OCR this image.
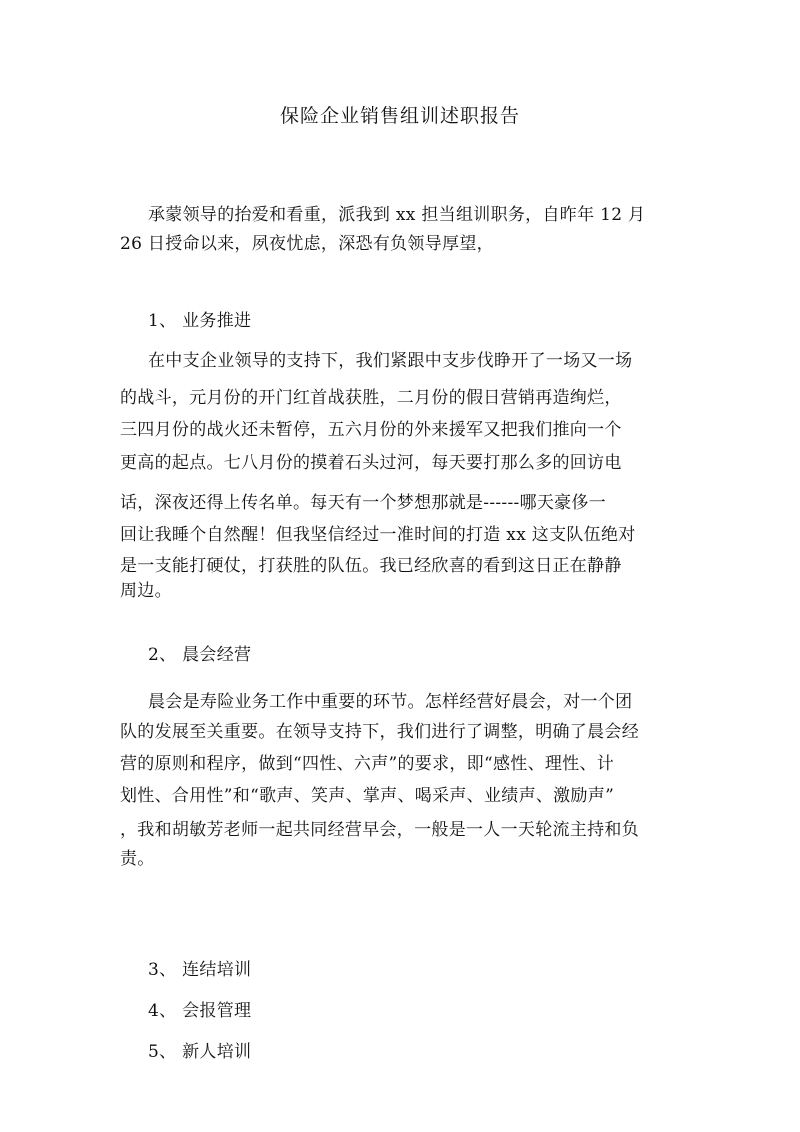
保险企业销售组训述职报告
承蒙领导的抬爱和看重，派我到 xx 担当组训职务，自昨年 12 月
26 日授命以来，夙夜忧虑，深恐有负领导厚望，
1、 业务推进
在中支企业领导的支持下，我们紧跟中支步伐睁开了一场又一场
的战斗，元月份的开门红首战获胜，二月份的假日营销再造绚烂，
三四月份的战火还未暂停，五六月份的外来援军又把我们推向一个
更高的起点。七八月份的摸着石头过河，每天要打那么多的回访电
话，深夜还得上传名单。每天有一个梦想那就是------哪天豪侈一
回让我睡个自然醒！但我坚信经过一准时间的打造 xx 这支队伍绝对
是一支能打硬仗，打获胜的队伍。我已经欣喜的看到这日正在静静
周边。
2、 晨会经营
晨会是寿险业务工作中重要的环节。怎样经营好晨会，对一个团
队的发展至关重要。在领导支持下，我们进行了调整，明确了晨会经
营的原则和程序，做到“四性、六声”的要求，即“感性、理性、计
划性、合用性”和“歌声、笑声、掌声、喝采声、业绩声、激励声”
，我和胡敏芳老师一起共同经营早会，一般是一人一天轮流主持和负
责。
3、 连结培训
4、 会报管理
5、 新人培训
